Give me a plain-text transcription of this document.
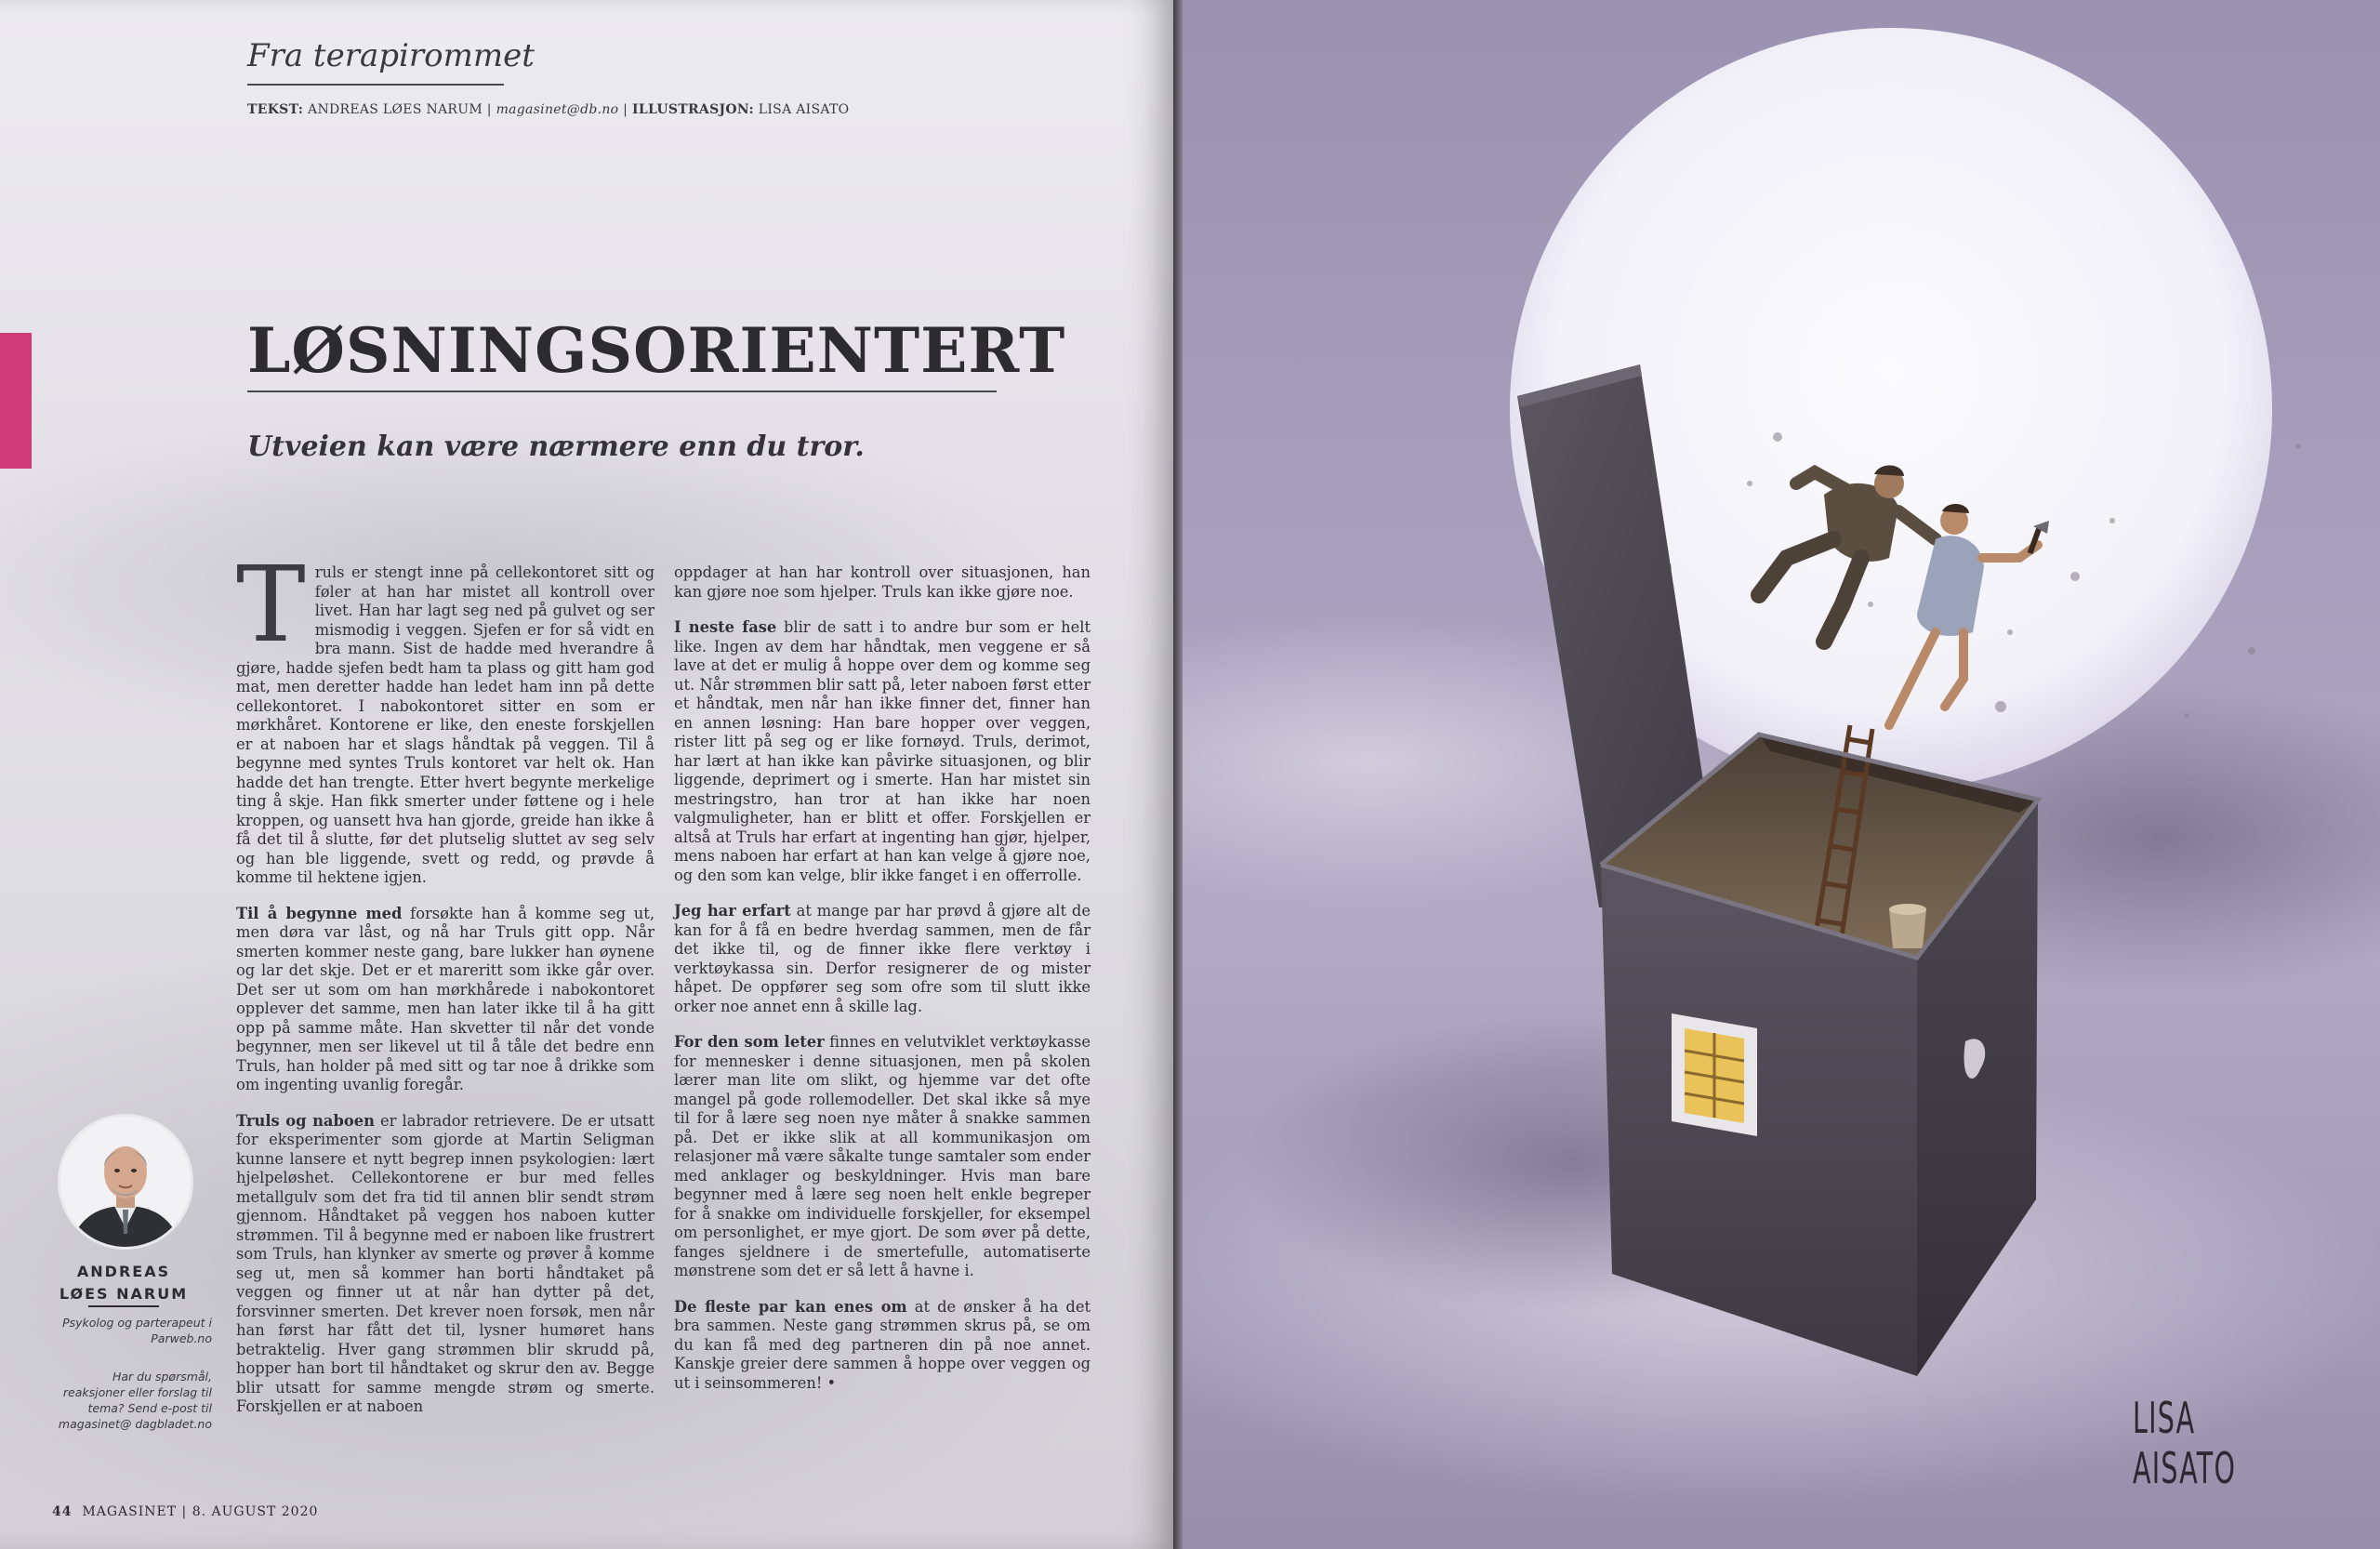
Fra terapirommet
TEKST: ANDREAS LØES NARUM | magasinet@db.no | ILLUSTRASJON: LISA AISATO
LØSNINGSORIENTERT
Utveien kan være nærmere enn du tror.

Truls er stengt inne på cellekontoret sitt og føler at han har mistet all kontroll over livet. Han har lagt seg ned på gulvet og ser mismodig i veggen. Sjefen er for så vidt en bra mann. Sist de hadde med hverandre å gjøre, hadde sjefen bedt ham ta plass og gitt ham god mat, men deretter hadde han ledet ham inn på dette cellekontoret. I nabokontoret sitter en som er mørkhåret. Kontorene er like, den eneste forskjellen er at naboen har et slags håndtak på veggen. Til å begynne med syntes Truls kontoret var helt ok. Han hadde det han trengte. Etter hvert begynte merkelige ting å skje. Han fikk smerter under føttene og i hele kroppen, og uansett hva han gjorde, greide han ikke å få det til å slutte, før det plutselig sluttet av seg selv og han ble liggende, svett og redd, og prøvde å komme til hektene igjen.

Til å begynne med forsøkte han å komme seg ut, men døra var låst, og nå har Truls gitt opp. Når smerten kommer neste gang, bare lukker han øynene og lar det skje. Det er et mareritt som ikke går over. Det ser ut som om han mørkhårede i nabokontoret opplever det samme, men han later ikke til å ha gitt opp på samme måte. Han skvetter til når det vonde begynner, men ser likevel ut til å tåle det bedre enn Truls, han holder på med sitt og tar noe å drikke som om ingenting uvanlig foregår.

Truls og naboen er labrador retrievere. De er utsatt for eksperimenter som gjorde at Martin Seligman kunne lansere et nytt begrep innen psykologien: lært hjelpeløshet. Cellekontorene er bur med felles metallgulv som det fra tid til annen blir sendt strøm gjennom. Håndtaket på veggen hos naboen kutter strømmen. Til å begynne med er naboen like frustrert som Truls, han klynker av smerte og prøver å komme seg ut, men så kommer han borti håndtaket på veggen og finner ut at når han dytter på det, forsvinner smerten. Det krever noen forsøk, men når han først har fått det til, lysner humøret hans betraktelig. Hver gang strømmen blir skrudd på, hopper han bort til håndtaket og skrur den av. Begge blir utsatt for samme mengde strøm og smerte. Forskjellen er at naboen

oppdager at han har kontroll over situasjonen, han kan gjøre noe som hjelper. Truls kan ikke gjøre noe.

I neste fase blir de satt i to andre bur som er helt like. Ingen av dem har håndtak, men veggene er så lave at det er mulig å hoppe over dem og komme seg ut. Når strømmen blir satt på, leter naboen først etter et håndtak, men når han ikke finner det, finner han en annen løsning: Han bare hopper over veggen, rister litt på seg og er like fornøyd. Truls, derimot, har lært at han ikke kan påvirke situasjonen, og blir liggende, deprimert og i smerte. Han har mistet sin mestringstro, han tror at han ikke har noen valgmuligheter, han er blitt et offer. Forskjellen er altså at Truls har erfart at ingenting han gjør, hjelper, mens naboen har erfart at han kan velge å gjøre noe, og den som kan velge, blir ikke fanget i en offerrolle.

Jeg har erfart at mange par har prøvd å gjøre alt de kan for å få en bedre hverdag sammen, men de får det ikke til, og de finner ikke flere verktøy i verktøykassa sin. Derfor resignerer de og mister håpet. De oppfører seg som ofre som til slutt ikke orker noe annet enn å skille lag.

For den som leter finnes en velutviklet verktøykasse for mennesker i denne situasjonen, men på skolen lærer man lite om slikt, og hjemme var det ofte mangel på gode rollemodeller. Det skal ikke så mye til for å lære seg noen nye måter å snakke sammen på. Det er ikke slik at all kommunikasjon om relasjoner må være såkalte tunge samtaler som ender med anklager og beskyldninger. Hvis man bare begynner med å lære seg noen helt enkle begreper for å snakke om individuelle forskjeller, for eksempel om personlighet, er mye gjort. De som øver på dette, fanges sjeldnere i de smertefulle, automatiserte mønstrene som det er så lett å havne i.

De fleste par kan enes om at de ønsker å ha det bra sammen. Neste gang strømmen skrus på, se om du kan få med deg partneren din på noe annet. Kanskje greier dere sammen å hoppe over veggen og ut i seinsommeren! •

ANDREAS
LØES NARUM
Psykolog og parterapeut i Parweb.no
Har du spørsmål, reaksjoner eller forslag til tema? Send e-post til magasinet@ dagbladet.no
44 MAGASINET | 8. AUGUST 2020
LISA AISATO
